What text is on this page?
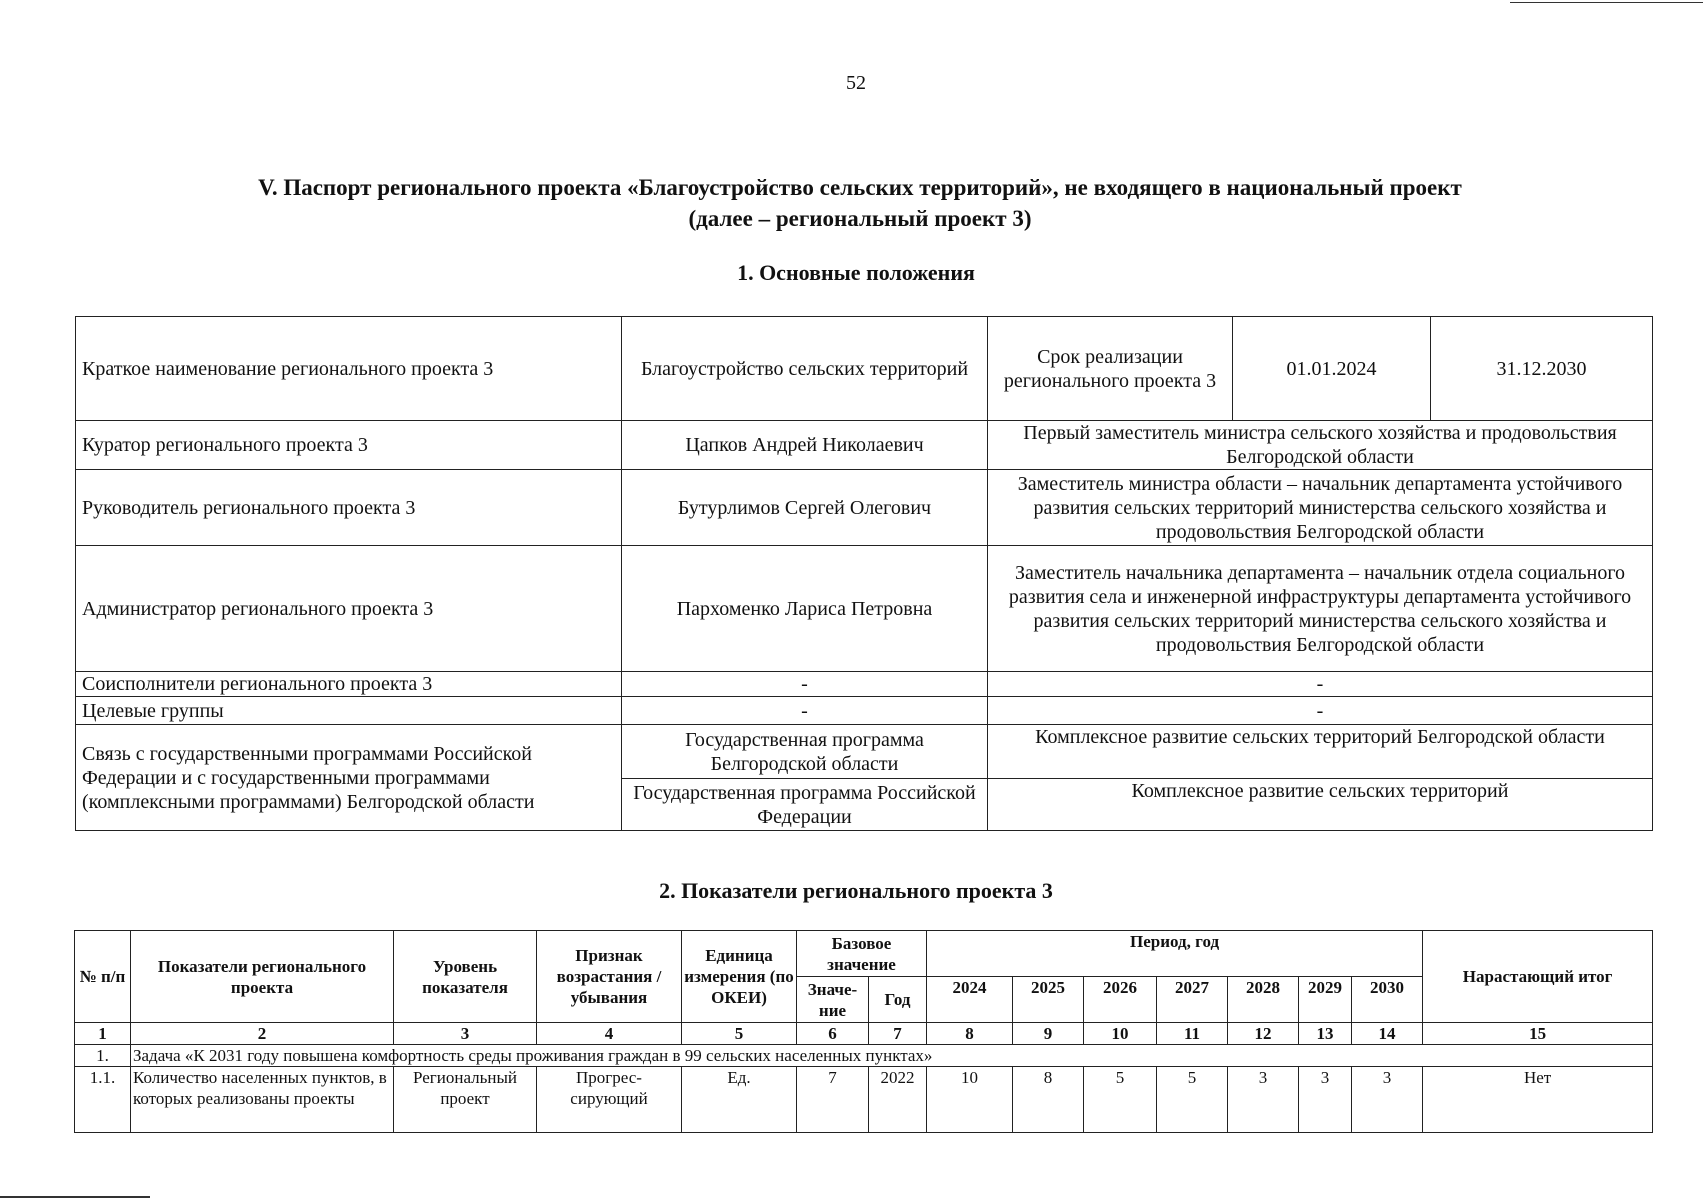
52
V. Паспорт регионального проекта «Благоустройство сельских территорий», не входящего в национальный проект
(далее – региональный проект 3)
1. Основные положения
Краткое наименование регионального проекта 3	Благоустройство сельских территорий	Срок реализации регионального проекта 3	01.01.2024	31.12.2030
Куратор регионального проекта 3	Цапков Андрей Николаевич	Первый заместитель министра сельского хозяйства и продовольствия Белгородской области		
Руководитель регионального проекта 3	Бутурлимов Сергей Олегович	Заместитель министра области – начальник департамента устойчивого развития сельских территорий министерства сельского хозяйства и продовольствия Белгородской области		
Администратор регионального проекта 3	Пархоменко Лариса Петровна	Заместитель начальника департамента – начальник отдела социального развития села и инженерной инфраструктуры департамента устойчивого развития сельских территорий министерства сельского хозяйства и продовольствия Белгородской области		
Соисполнители регионального проекта 3	-	-		
Целевые группы	-	-		
Связь с государственными программами Российской Федерации и с государственными программами (комплексными программами) Белгородской области	Государственная программа Белгородской области	Комплексное развитие сельских территорий Белгородской области		
	Государственная программа Российской Федерации	Комплексное развитие сельских территорий		
2. Показатели регионального проекта 3
№ п/п	Показатели регионального проекта	Уровень показателя	Признак возрастания / убывания	Единица измерения (по ОКЕИ)	Базовое значение		Период, год							Нарастающий итог
					Значе-ние	Год	2024	2025	2026	2027	2028	2029	2030	
1	2	3	4	5	6	7	8	9	10	11	12	13	14	15
1.	Задача «К 2031 году повышена комфортность среды проживания граждан в 99 сельских населенных пунктах»													
1.1.	Количество населенных пунктов, в которых реализованы проекты	Региональный проект	Прогрес-сирующий	Ед.	7	2022	10	8	5	5	3	3	3	Нет
